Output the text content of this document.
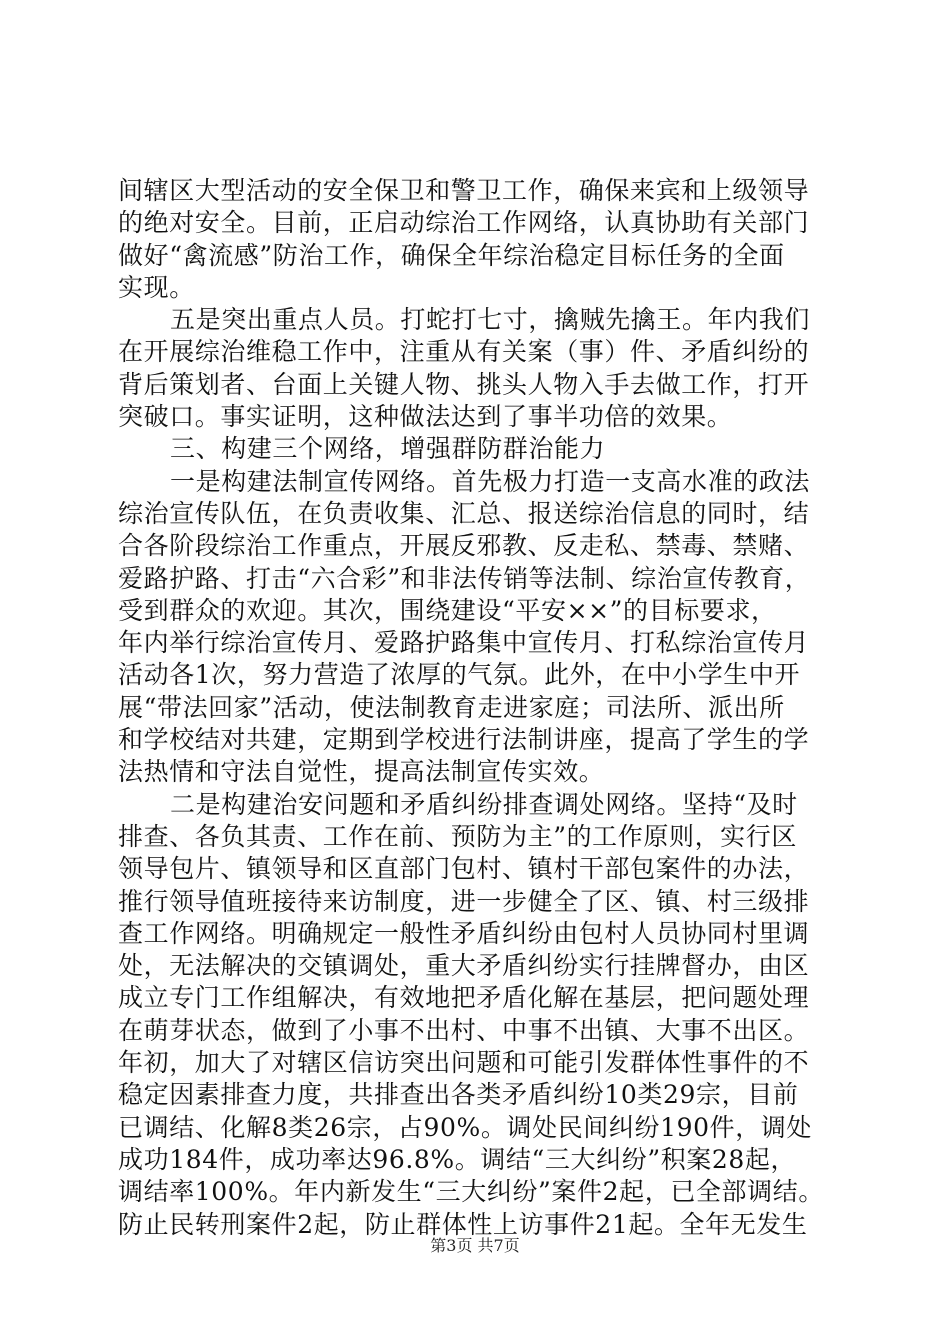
间辖区大型活动的安全保卫和警卫工作，确保来宾和上级领导
的绝对安全。目前，正启动综治工作网络，认真协助有关部门
做好“禽流感”防治工作，确保全年综治稳定目标任务的全面
实现。
五是突出重点人员。打蛇打七寸，擒贼先擒王。年内我们
在开展综治维稳工作中，注重从有关案（事）件、矛盾纠纷的
背后策划者、台面上关键人物、挑头人物入手去做工作，打开
突破口。事实证明，这种做法达到了事半功倍的效果。
三、构建三个网络，增强群防群治能力
一是构建法制宣传网络。首先极力打造一支高水准的政法
综治宣传队伍，在负责收集、汇总、报送综治信息的同时，结
合各阶段综治工作重点，开展反邪教、反走私、禁毒、禁赌、
爱路护路、打击“六合彩”和非法传销等法制、综治宣传教育，
受到群众的欢迎。其次，围绕建设“平安××”的目标要求，
年内举行综治宣传月、爱路护路集中宣传月、打私综治宣传月
活动各1次，努力营造了浓厚的气氛。此外，在中小学生中开
展“带法回家”活动，使法制教育走进家庭；司法所、派出所
和学校结对共建，定期到学校进行法制讲座，提高了学生的学
法热情和守法自觉性，提高法制宣传实效。
二是构建治安问题和矛盾纠纷排查调处网络。坚持“及时
排查、各负其责、工作在前、预防为主”的工作原则，实行区
领导包片、镇领导和区直部门包村、镇村干部包案件的办法，
推行领导值班接待来访制度，进一步健全了区、镇、村三级排
查工作网络。明确规定一般性矛盾纠纷由包村人员协同村里调
处，无法解决的交镇调处，重大矛盾纠纷实行挂牌督办，由区
成立专门工作组解决，有效地把矛盾化解在基层，把问题处理
在萌芽状态，做到了小事不出村、中事不出镇、大事不出区。
年初，加大了对辖区信访突出问题和可能引发群体性事件的不
稳定因素排查力度，共排查出各类矛盾纠纷10类29宗，目前
已调结、化解8类26宗，占90%。调处民间纠纷190件，调处
成功184件，成功率达96.8%。调结“三大纠纷”积案28起，
调结率100%。年内新发生“三大纠纷”案件2起，已全部调结。
防止民转刑案件2起，防止群体性上访事件21起。全年无发生
第3页 共7页
